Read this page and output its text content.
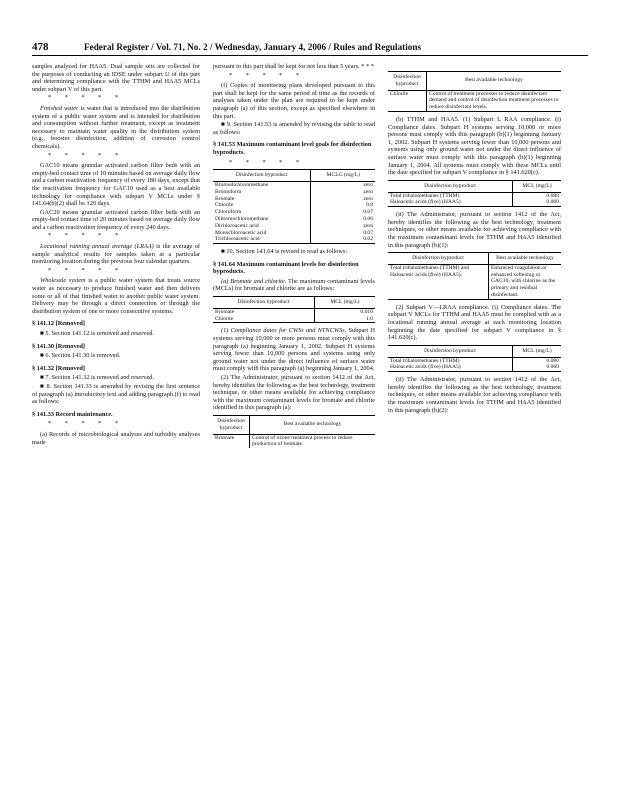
478	Federal Register / Vol. 71, No. 2 / Wednesday, January 4, 2006 / Rules and Regulations

samples analyzed for HAA5. Dual sample sets are collected for the purposes of conducting an IDSE under subpart U of this part and determining compliance with the TTHM and HAA5 MCLs under subpart V of this part.

* * * * *

Finished water is water that is introduced into the distribution system of a public water system and is intended for distribution and consumption without further treatment, except as treatment necessary to maintain water quality in the distribution system (e.g., booster disinfection, addition of corrosion control chemicals).

* * * * *

GAC10 means granular activated carbon filter beds with an empty-bed contact time of 10 minutes based on average daily flow and a carbon reactivation frequency of every 180 days, except that the reactivation frequency for GAC10 used as a best available technology for compliance with subpart V MCLs under § 141.64(b)(2) shall be 120 days.

GAC20 means granular activated carbon filter beds with an empty-bed contact time of 20 minutes based on average daily flow and a carbon reactivation frequency of every 240 days.

* * * * *

Locational running annual average (LRAA) is the average of sample analytical results for samples taken at a particular monitoring location during the previous four calendar quarters.

* * * * *

Wholesale system is a public water system that treats source water as necessary to produce finished water and then delivers some or all of that finished water to another public water system. Delivery may be through a direct connection or through the distribution system of one or more consecutive systems.

§ 141.12 [Removed]

■ 5. Section 141.12 is removed and reserved.

§ 141.30 [Removed]

■ 6. Section 141.30 is removed.

§ 141.32 [Removed]

■ 7. Section 141.32 is removed and reserved.

■ 8. Section 141.33 is amended by revising the first sentence of paragraph (a) introductory text and adding paragraph (f) to read as follows:

§ 141.33 Record maintenance.
* * * * *

(a) Records of microbiological analyses and turbidity analyses made

pursuant to this part shall be kept for not less than 5 years. * * *

* * * * *

(f) Copies of monitoring plans developed pursuant to this part shall be kept for the same period of time as the records of analyses taken under the plan are required to be kept under paragraph (a) of this section, except as specified elsewhere in this part.

■ 9. Section 141.53 is amended by revising the table to read as follows:

§ 141.53 Maximum contaminant level goals for disinfection byproducts.
* * * * *
Disinfection byproduct	MCLG (mg/L)
Bromodichloromethane	zero
Bromoform	zero
Bromate	zero
Chlorite	0.8
Chloroform	0.07
Dibromochloromethane	0.06
Dichloroacetic acid	zero
Monochloroacetic acid	0.07
Trichloroacetic acid	0.02

■ 10. Section 141.64 is revised to read as follows:

§ 141.64 Maximum contaminant levels for disinfection byproducts.

(a) Bromate and chlorite. The maximum contaminant levels (MCLs) for bromate and chlorite are as follows:

Disinfection byproduct	MCL (mg/L)
Bromate	0.010
Chlorite	1.0

(1) Compliance dates for CWSs and NTNCWSs. Subpart H systems serving 10,000 or more persons must comply with this paragraph (a) beginning January 1, 2002. Subpart H systems serving fewer than 10,000 persons and systems using only ground water not under the direct influence of surface water must comply with this paragraph (a) beginning January 1, 2004.

(2) The Administrator, pursuant to section 1412 of the Act, hereby identifies the following as the best technology, treatment technique, or other means available for achieving compliance with the maximum contaminant levels for bromate and chlorite identified in this paragraph (a):

Disinfection byproduct	Best available technology
Bromate	Control of ozone treatment process to reduce production of bromate.
Disinfection byproduct	Best available technology
Chlorite	Control of treatment processes to reduce disinfectant demand and control of disinfection treatment processes to reduce disinfectant levels.

(b) TTHM and HAA5. (1) Subpart L RAA compliance. (i) Compliance dates. Subpart H systems serving 10,000 or more persons must comply with this paragraph (b)(1) beginning January 1, 2002. Subpart H systems serving fewer than 10,000 persons and systems using only ground water not under the direct influence of surface water must comply with this paragraph (b)(1) beginning January 1, 2004. All systems must comply with these MCLs until the date specified for subpart V compliance in § 141.620(c).

Disinfection byproduct	MCL (mg/L)
Total trihalomethanes (TTHM)	0.080
Haloacetic acids (five) (HAA5)	0.060

(ii) The Administrator, pursuant to section 1412 of the Act, hereby identifies the following as the best technology, treatment techniques, or other means available for achieving compliance with the maximum contaminant levels for TTHM and HAA5 identified in this paragraph (b)(1):

Disinfection byproduct	Best available technology
Total trihalomethanes (TTHM) and Haloacetic acids (five) (HAA5).	Enhanced coagulation or enhanced softening or GAC10, with chlorine as the primary and residual disinfectant.

(2) Subpart V—LRAA compliance. (i) Compliance dates. The subpart V MCLs for TTHM and HAA5 must be complied with as a locational running annual average at each monitoring location beginning the date specified for subpart V compliance in § 141.620(c).

Disinfection byproduct	MCL (mg/L)
Total trihalomethanes (TTHM)	0.080
Haloacetic acids (five) (HAA5)	0.060

(ii) The Administrator, pursuant to section 1412 of the Act, hereby identifies the following as the best technology, treatment techniques, or other means available for achieving compliance with the maximum contaminant levels for TTHM and HAA5 identified in this paragraph (b)(2):
